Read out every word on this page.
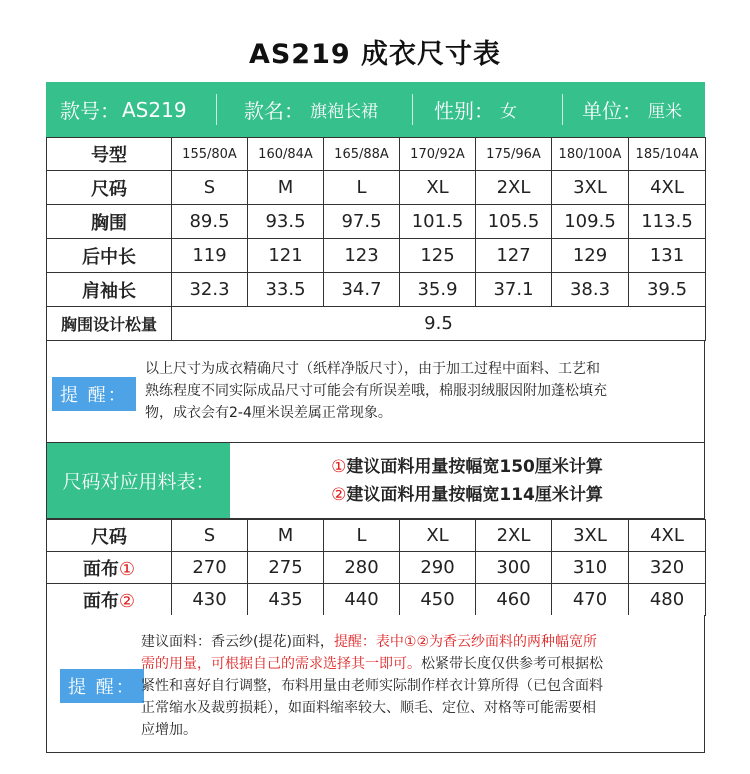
AS219 成衣尺寸表
款号： AS219	款名： 旗袍长裙	性别： 女	单位： 厘米
号型	155/80A	160/84A	165/88A	170/92A	175/96A	180/100A	185/104A
尺码	S	M	L	XL	2XL	3XL	4XL
胸围	89.5	93.5	97.5	101.5	105.5	109.5	113.5
后中长	119	121	123	125	127	129	131
肩袖长	32.3	33.5	34.7	35.9	37.1	38.3	39.5
胸围设计松量	9.5						
提 醒：
以上尺寸为成衣精确尺寸（纸样净版尺寸），由于加工过程中面料、工艺和
熟练程度不同实际成品尺寸可能会有所误差哦，棉服羽绒服因附加蓬松填充
物，成衣会有2-4厘米误差属正常现象。
尺码对应用料表：
①建议面料用量按幅宽150厘米计算
②建议面料用量按幅宽114厘米计算
尺码	S	M	L	XL	2XL	3XL	4XL
面布①	270	275	280	290	300	310	320
面布②	430	435	440	450	460	470	480
提 醒：
建议面料：香云纱(提花)面料，提醒：表中①②为香云纱面料的两种幅宽所
需的用量，可根据自己的需求选择其一即可。松紧带长度仅供参考可根据松
紧性和喜好自行调整，布料用量由老师实际制作样衣计算所得（已包含面料
正常缩水及裁剪损耗），如面料缩率较大、顺毛、定位、对格等可能需要相
应增加。
